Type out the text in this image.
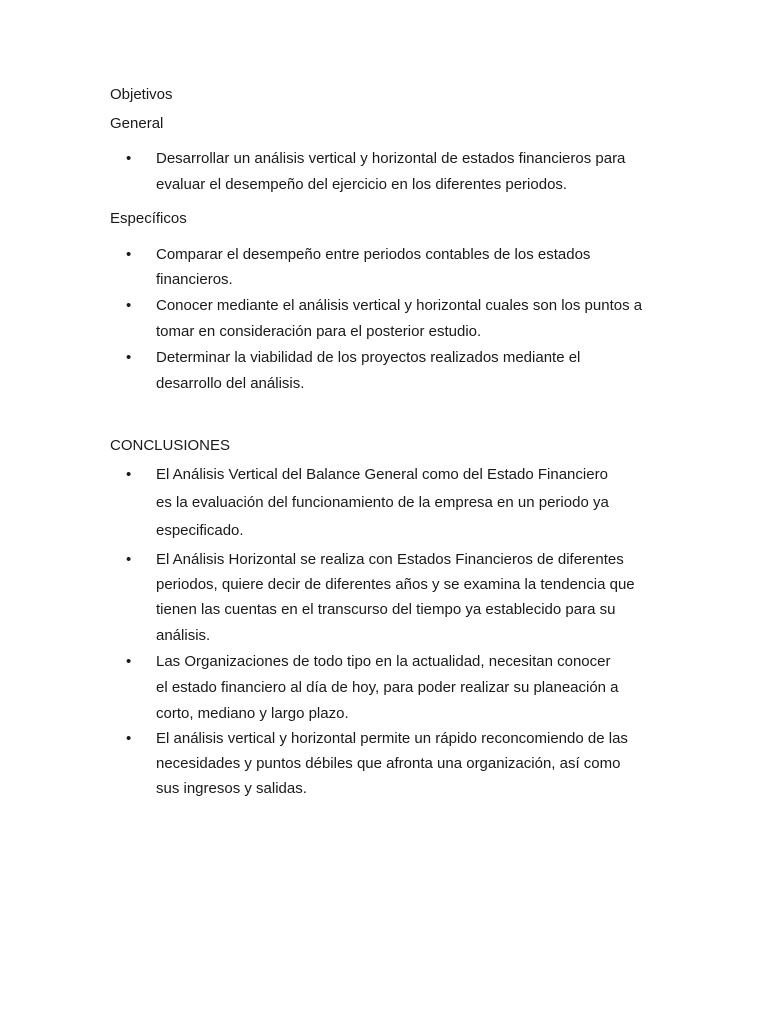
Objetivos
General
• Desarrollar un análisis vertical y horizontal de estados financieros para
evaluar el desempeño del ejercicio en los diferentes periodos.
Específicos
• Comparar el desempeño entre periodos contables de los estados
financieros.
• Conocer mediante el análisis vertical y horizontal cuales son los puntos a
tomar en consideración para el posterior estudio.
• Determinar la viabilidad de los proyectos realizados mediante el
desarrollo del análisis.
CONCLUSIONES
• El Análisis Vertical del Balance General como del Estado Financiero
es la evaluación del funcionamiento de la empresa en un periodo ya
especificado.
• El Análisis Horizontal se realiza con Estados Financieros de diferentes
periodos, quiere decir de diferentes años y se examina la tendencia que
tienen las cuentas en el transcurso del tiempo ya establecido para su
análisis.
• Las Organizaciones de todo tipo en la actualidad, necesitan conocer
el estado financiero al día de hoy, para poder realizar su planeación a
corto, mediano y largo plazo.
• El análisis vertical y horizontal permite un rápido reconcomiendo de las
necesidades y puntos débiles que afronta una organización, así como
sus ingresos y salidas.
